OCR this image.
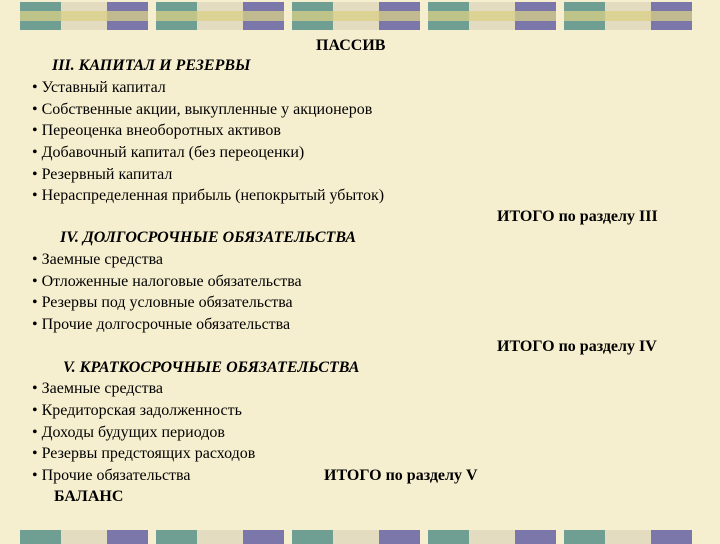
ПАССИВ
III. КАПИТАЛ И РЕЗЕРВЫ
• Уставный капитал
• Собственные акции, выкупленные у акционеров
• Переоценка внеоборотных активов
• Добавочный капитал (без переоценки)
• Резервный капитал
• Нераспределенная прибыль (непокрытый убыток)
ИТОГО по разделу III
IV. ДОЛГОСРОЧНЫЕ ОБЯЗАТЕЛЬСТВА
• Заемные средства
• Отложенные налоговые обязательства
• Резервы под условные обязательства
• Прочие долгосрочные обязательства
ИТОГО по разделу IV
V. КРАТКОСРОЧНЫЕ ОБЯЗАТЕЛЬСТВА
• Заемные средства
• Кредиторская задолженность
• Доходы будущих периодов
• Резервы предстоящих расходов
• Прочие обязательства	ИТОГО по разделу V
БАЛАНС
